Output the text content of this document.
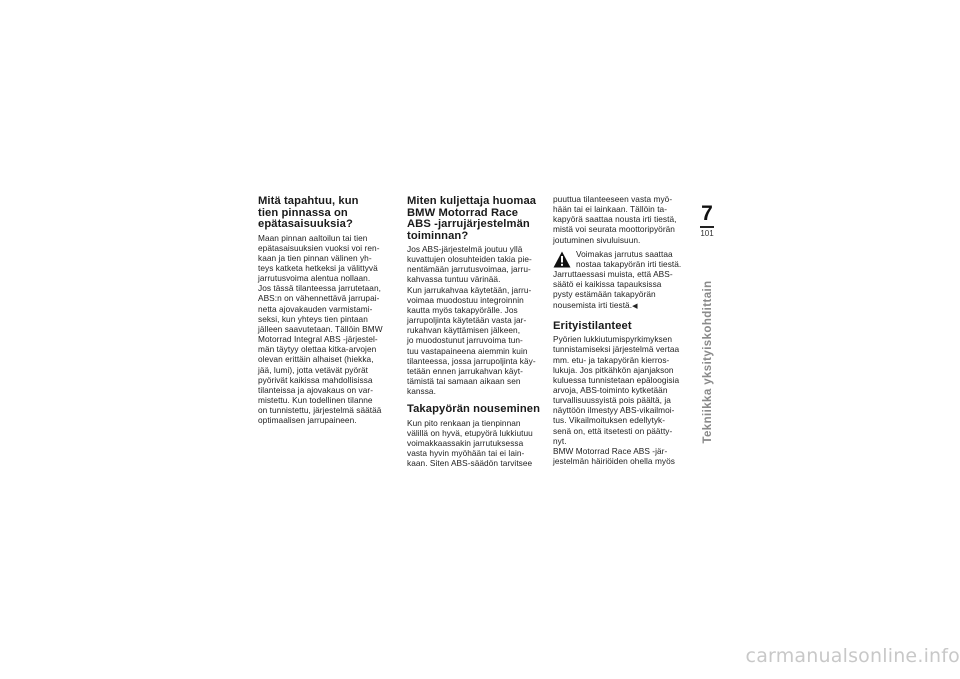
Mitä tapahtuu, kun
tien pinnassa on
epätasaisuuksia?

Maan pinnan aaltoilun tai tien
epätasaisuuksien vuoksi voi ren-
kaan ja tien pinnan välinen yh-
teys katketa hetkeksi ja välittyvä
jarrutusvoima alentua nollaan.
Jos tässä tilanteessa jarrutetaan,
ABS:n on vähennettävä jarrupai-
netta ajovakauden varmistami-
seksi, kun yhteys tien pintaan
jälleen saavutetaan. Tällöin BMW
Motorrad Integral ABS -järjestel-
män täytyy olettaa kitka-arvojen
olevan erittäin alhaiset (hiekka,
jää, lumi), jotta vetävät pyörät
pyörivät kaikissa mahdollisissa
tilanteissa ja ajovakaus on var-
mistettu. Kun todellinen tilanne
on tunnistettu, järjestelmä säätää
optimaalisen jarrupaineen.

Miten kuljettaja huomaa
BMW Motorrad Race
ABS -jarrujärjestelmän
toiminnan?

Jos ABS-järjestelmä joutuu yllä
kuvattujen olosuhteiden takia pie-
nentämään jarrutusvoimaa, jarru-
kahvassa tuntuu värinää.
Kun jarrukahvaa käytetään, jarru-
voimaa muodostuu integroinnin
kautta myös takapyörälle. Jos
jarrupoljinta käytetään vasta jar-
rukahvan käyttämisen jälkeen,
jo muodostunut jarruvoima tun-
tuu vastapaineena aiemmin kuin
tilanteessa, jossa jarrupoljinta käy-
tetään ennen jarrukahvan käyt-
tämistä tai samaan aikaan sen
kanssa.

Takapyörän nouseminen

Kun pito renkaan ja tienpinnan
välillä on hyvä, etupyörä lukkiutuu
voimakkaassakin jarrutuksessa
vasta hyvin myöhään tai ei lain-
kaan. Siten ABS-säädön tarvitsee

puuttua tilanteeseen vasta myö-
hään tai ei lainkaan. Tällöin ta-
kapyörä saattaa nousta irti tiestä,
mistä voi seurata moottoripyörän
joutuminen sivuluisuun.

Voimakas jarrutus saattaa
nostaa takapyörän irti tiestä.
Jarruttaessasi muista, että ABS-
säätö ei kaikissa tapauksissa
pysty estämään takapyörän
nousemista irti tiestä.◀

Erityistilanteet

Pyörien lukkiutumispyrkimyksen
tunnistamiseksi järjestelmä vertaa
mm. etu- ja takapyörän kierros-
lukuja. Jos pitkähkön ajanjakson
kuluessa tunnistetaan epäloogisia
arvoja, ABS-toiminto kytketään
turvallisuussyistä pois päältä, ja
näyttöön ilmestyy ABS-vikailmoi-
tus. Vikailmoituksen edellytyk-
senä on, että itsetesti on päätty-
nyt.
BMW Motorrad Race ABS -jär-
jestelmän häiriöiden ohella myös

7
101
Tekniikka yksityiskohdittain
carmanualsonline.info
